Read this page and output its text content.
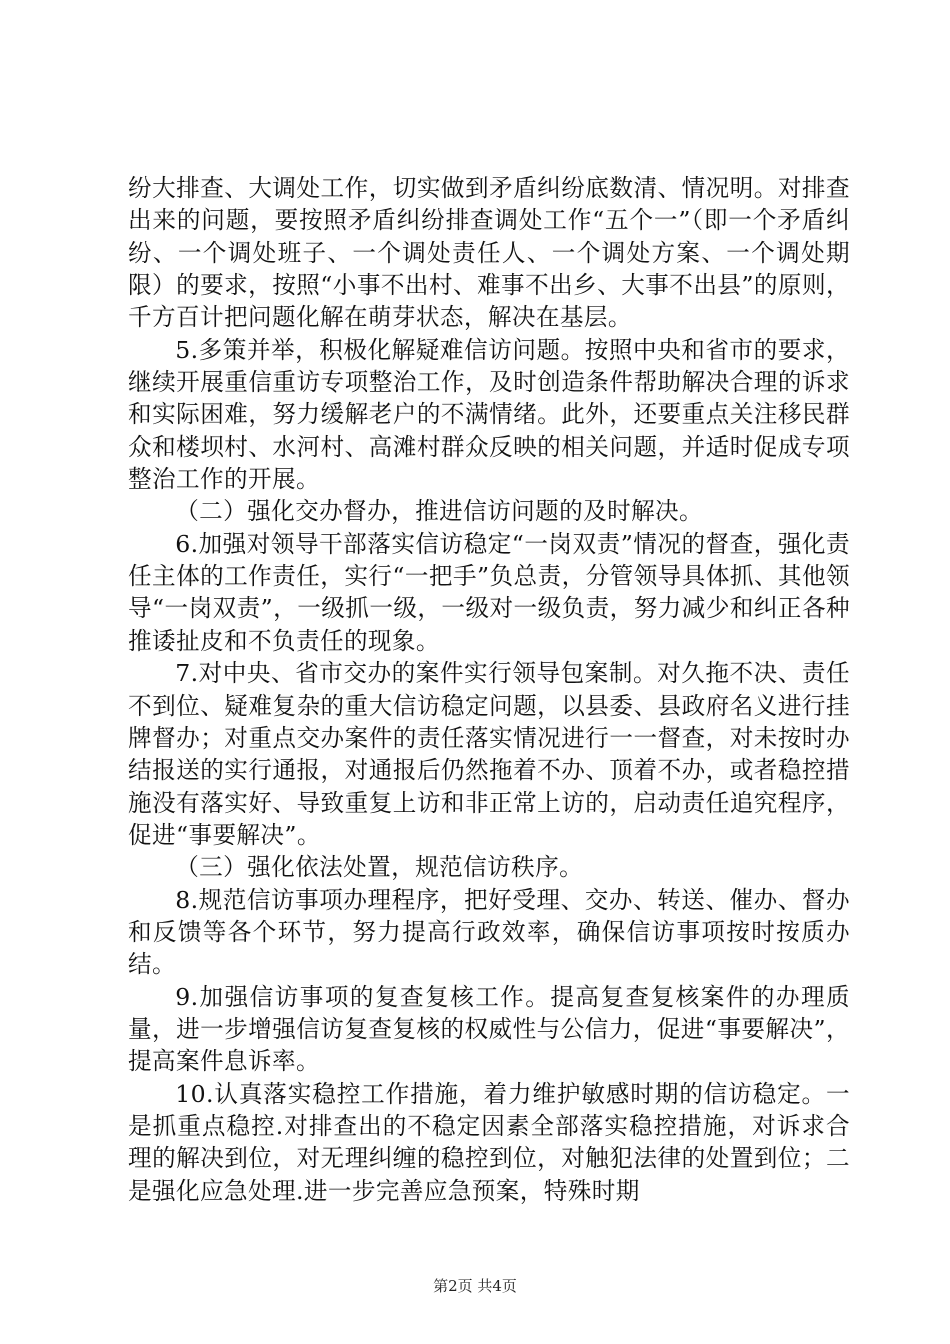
纷大排查、大调处工作，切实做到矛盾纠纷底数清、情况明。对排查出来的问题，要按照矛盾纠纷排查调处工作“五个一”（即一个矛盾纠纷、一个调处班子、一个调处责任人、一个调处方案、一个调处期限）的要求，按照“小事不出村、难事不出乡、大事不出县”的原则，千方百计把问题化解在萌芽状态，解决在基层。

5.多策并举，积极化解疑难信访问题。按照中央和省市的要求，继续开展重信重访专项整治工作，及时创造条件帮助解决合理的诉求和实际困难，努力缓解老户的不满情绪。此外，还要重点关注移民群众和楼坝村、水河村、高滩村群众反映的相关问题，并适时促成专项整治工作的开展。

（二）强化交办督办，推进信访问题的及时解决。

6.加强对领导干部落实信访稳定“一岗双责”情况的督查，强化责任主体的工作责任，实行“一把手”负总责，分管领导具体抓、其他领导“一岗双责”，一级抓一级，一级对一级负责，努力减少和纠正各种推诿扯皮和不负责任的现象。

7.对中央、省市交办的案件实行领导包案制。对久拖不决、责任不到位、疑难复杂的重大信访稳定问题，以县委、县政府名义进行挂牌督办；对重点交办案件的责任落实情况进行一一督查，对未按时办结报送的实行通报，对通报后仍然拖着不办、顶着不办，或者稳控措施没有落实好、导致重复上访和非正常上访的，启动责任追究程序，促进“事要解决”。

（三）强化依法处置，规范信访秩序。

8.规范信访事项办理程序，把好受理、交办、转送、催办、督办和反馈等各个环节，努力提高行政效率，确保信访事项按时按质办结。

9.加强信访事项的复查复核工作。提高复查复核案件的办理质量，进一步增强信访复查复核的权威性与公信力，促进“事要解决”，提高案件息诉率。

10.认真落实稳控工作措施，着力维护敏感时期的信访稳定。一是抓重点稳控.对排查出的不稳定因素全部落实稳控措施，对诉求合理的解决到位，对无理纠缠的稳控到位，对触犯法律的处置到位；二是强化应急处理.进一步完善应急预案，特殊时期

第2页 共4页
